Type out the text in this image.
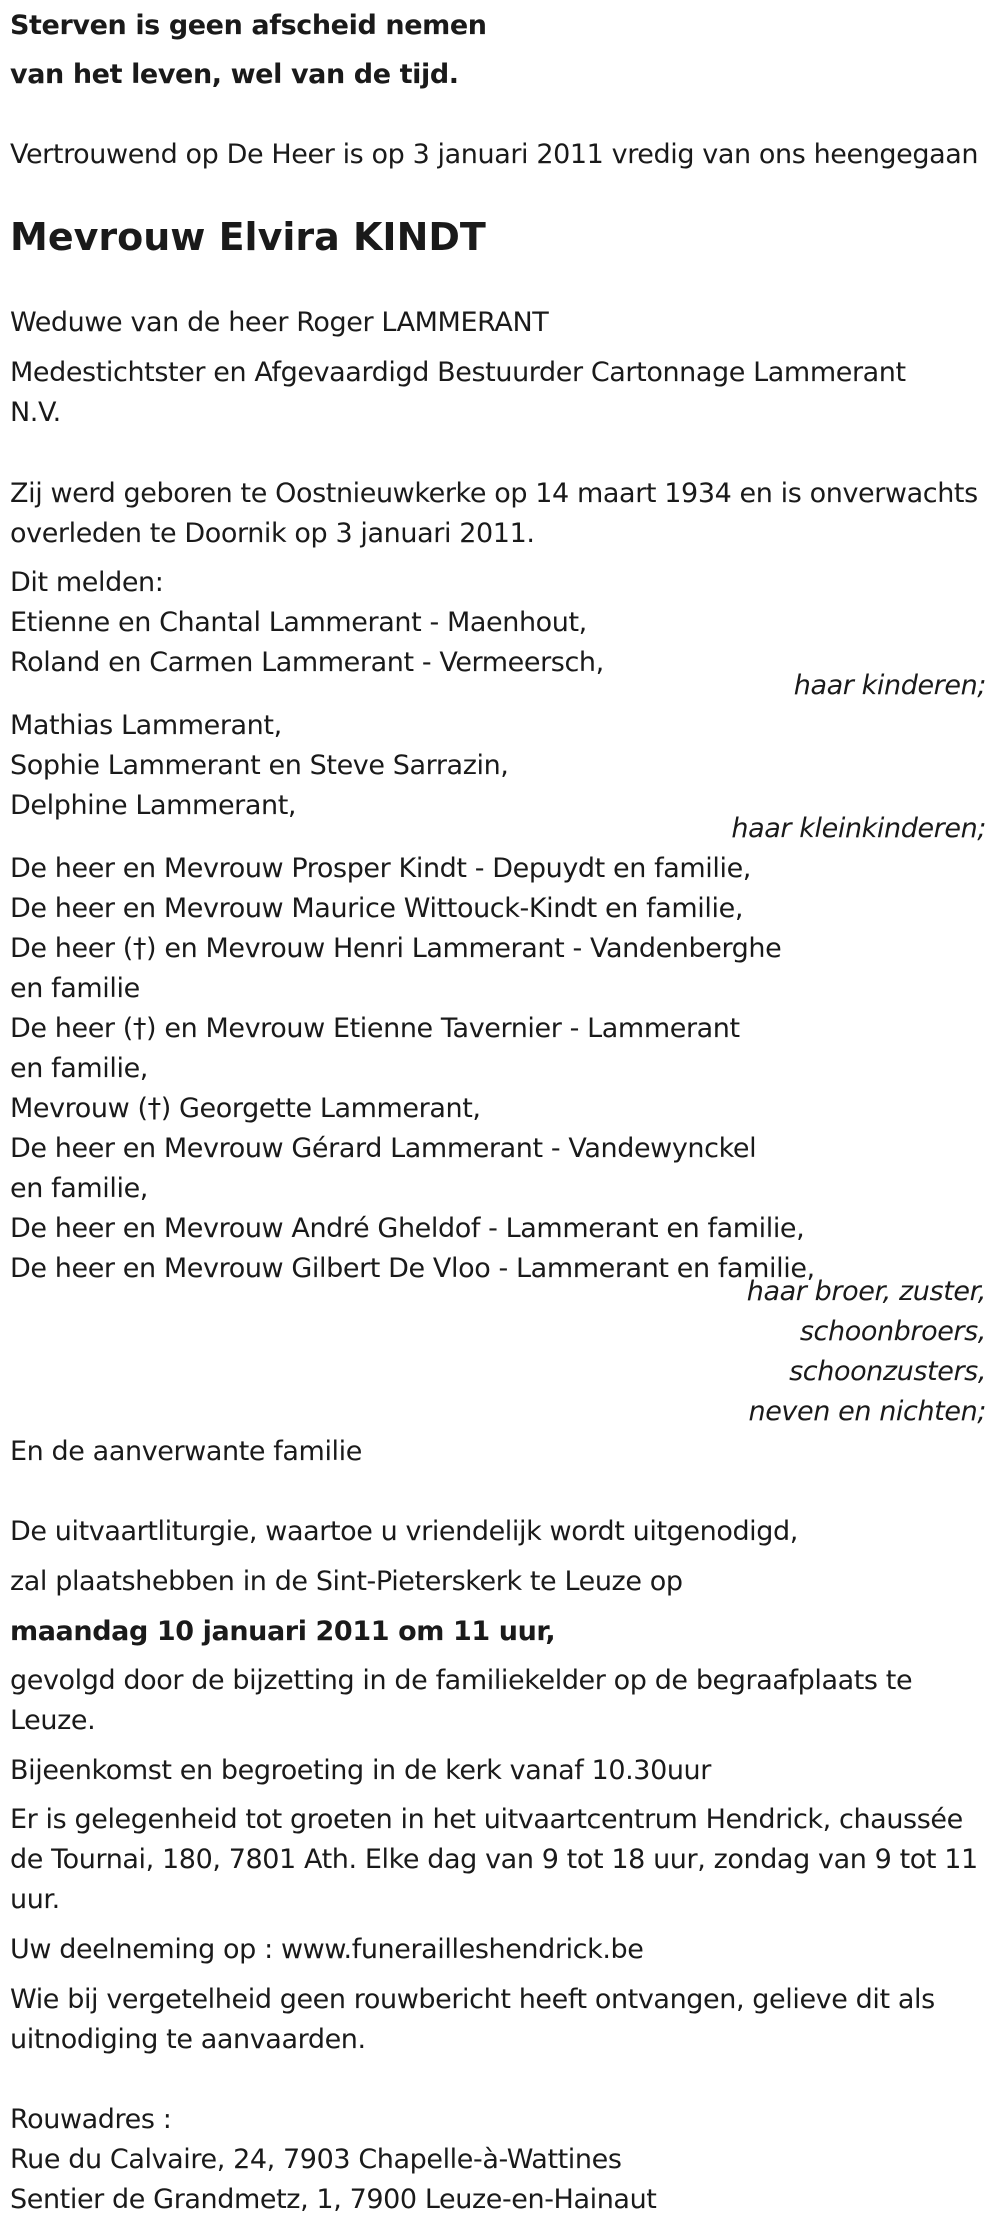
Sterven is geen afscheid nemen
van het leven, wel van de tijd.
Vertrouwend op De Heer is op 3 januari 2011 vredig van ons heengegaan
Mevrouw Elvira KINDT
Weduwe van de heer Roger LAMMERANT
Medestichtster en Afgevaardigd Bestuurder Cartonnage Lammerant
N.V.
Zij werd geboren te Oostnieuwkerke op 14 maart 1934 en is onverwachts
overleden te Doornik op 3 januari 2011.
Dit melden:
Etienne en Chantal Lammerant - Maenhout,
Roland en Carmen Lammerant - Vermeersch,
haar kinderen;
Mathias Lammerant,
Sophie Lammerant en Steve Sarrazin,
Delphine Lammerant,
haar kleinkinderen;
De heer en Mevrouw Prosper Kindt - Depuydt en familie,
De heer en Mevrouw Maurice Wittouck-Kindt en familie,
De heer (†) en Mevrouw Henri Lammerant - Vandenberghe
en familie
De heer (†) en Mevrouw Etienne Tavernier - Lammerant
en familie,
Mevrouw (†) Georgette Lammerant,
De heer en Mevrouw Gérard Lammerant - Vandewynckel
en familie,
De heer en Mevrouw André Gheldof - Lammerant en familie,
De heer en Mevrouw Gilbert De Vloo - Lammerant en familie,
haar broer, zuster,
schoonbroers,
schoonzusters,
neven en nichten;
En de aanverwante familie
De uitvaartliturgie, waartoe u vriendelijk wordt uitgenodigd,
zal plaatshebben in de Sint-Pieterskerk te Leuze op
maandag 10 januari 2011 om 11 uur,
gevolgd door de bijzetting in de familiekelder op de begraafplaats te
Leuze.
Bijeenkomst en begroeting in de kerk vanaf 10.30uur
Er is gelegenheid tot groeten in het uitvaartcentrum Hendrick, chaussée
de Tournai, 180, 7801 Ath. Elke dag van 9 tot 18 uur, zondag van 9 tot 11
uur.
Uw deelneming op : www.funerailleshendrick.be
Wie bij vergetelheid geen rouwbericht heeft ontvangen, gelieve dit als
uitnodiging te aanvaarden.
Rouwadres :
Rue du Calvaire, 24, 7903 Chapelle-à-Wattines
Sentier de Grandmetz, 1, 7900 Leuze-en-Hainaut
